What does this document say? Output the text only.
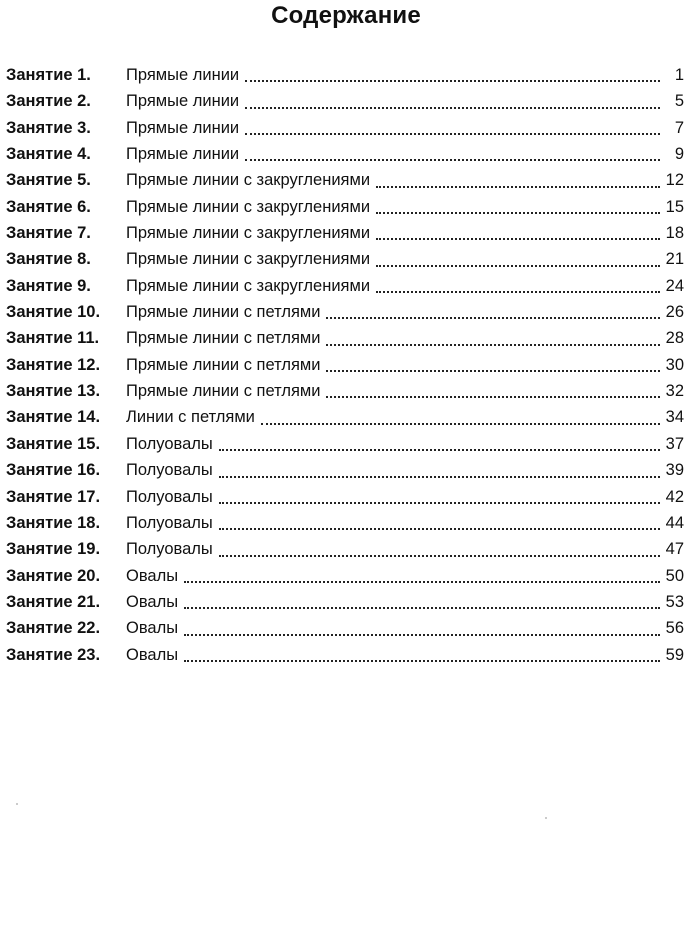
Содержание
Занятие 1.	Прямые линии	1
Занятие 2.	Прямые линии	5
Занятие 3.	Прямые линии	7
Занятие 4.	Прямые линии	9
Занятие 5.	Прямые линии с закруглениями	12
Занятие 6.	Прямые линии с закруглениями	15
Занятие 7.	Прямые линии с закруглениями	18
Занятие 8.	Прямые линии с закруглениями	21
Занятие 9.	Прямые линии с закруглениями	24
Занятие 10.	Прямые линии с петлями	26
Занятие 11.	Прямые линии с петлями	28
Занятие 12.	Прямые линии с петлями	30
Занятие 13.	Прямые линии с петлями	32
Занятие 14.	Линии с петлями	34
Занятие 15.	Полуовалы	37
Занятие 16.	Полуовалы	39
Занятие 17.	Полуовалы	42
Занятие 18.	Полуовалы	44
Занятие 19.	Полуовалы	47
Занятие 20.	Овалы	50
Занятие 21.	Овалы	53
Занятие 22.	Овалы	56
Занятие 23.	Овалы	59
